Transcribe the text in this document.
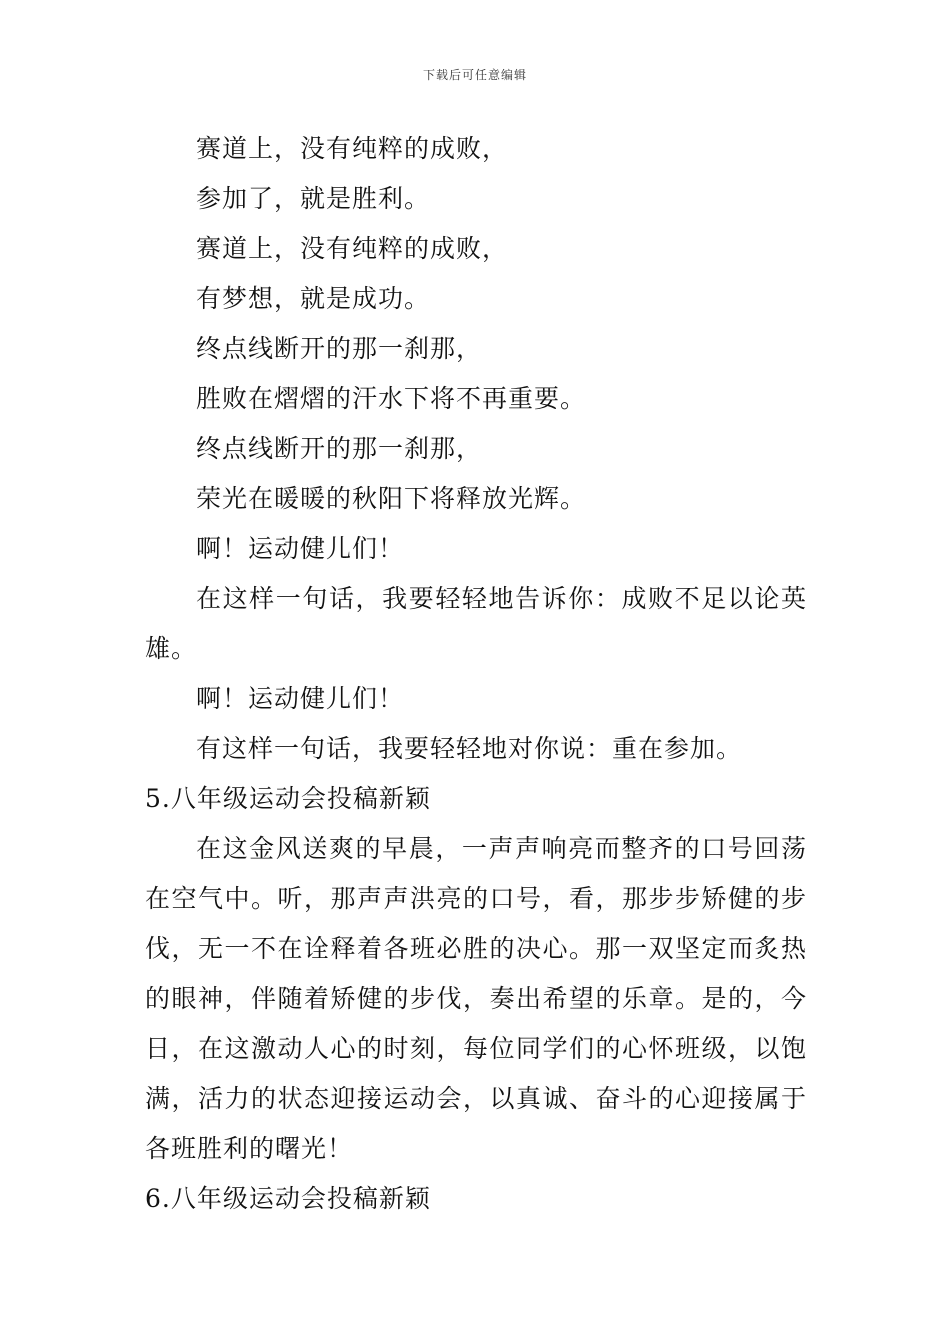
下载后可任意编辑
赛道上，没有纯粹的成败，
参加了，就是胜利。
赛道上，没有纯粹的成败，
有梦想，就是成功。
终点线断开的那一刹那，
胜败在熠熠的汗水下将不再重要。
终点线断开的那一刹那，
荣光在暖暖的秋阳下将释放光辉。
啊！运动健儿们！

在这样一句话，我要轻轻地告诉你：成败不足以论英雄。

啊！运动健儿们！
有这样一句话，我要轻轻地对你说：重在参加。
5.八年级运动会投稿新颖

在这金风送爽的早晨，一声声响亮而整齐的口号回荡在空气中。听，那声声洪亮的口号，看，那步步矫健的步伐，无一不在诠释着各班必胜的决心。那一双坚定而炙热的眼神，伴随着矫健的步伐，奏出希望的乐章。是的，今日，在这激动人心的时刻，每位同学们的心怀班级，以饱满，活力的状态迎接运动会，以真诚、奋斗的心迎接属于各班胜利的曙光！

6.八年级运动会投稿新颖
